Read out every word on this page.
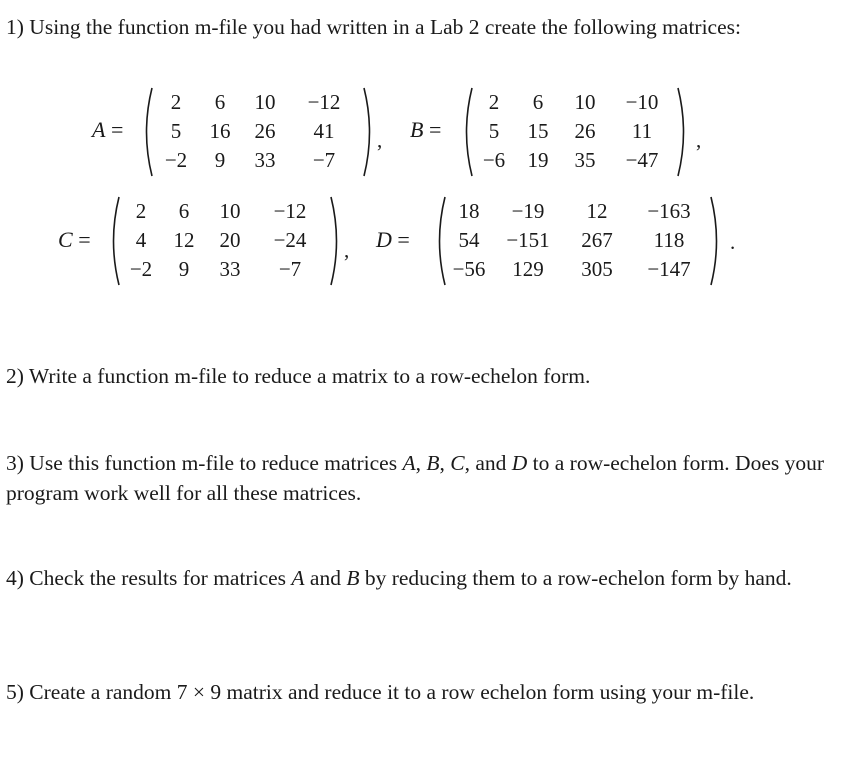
1) Using the function m-file you had written in a Lab 2 create the following matrices:

A =
2	6	10	−12
5	16	26	41
−2	9	33	−7
, B =
2	6	10	−10
5	15	26	11
−6	19	35	−47
,
C =
2	6	10	−12
4	12	20	−24
−2	9	33	−7
, D =
18	−19	12	−163
54	−151	267	118
−56	129	305	−147
.

2) Write a function m-file to reduce a matrix to a row-echelon form.

3) Use this function m-file to reduce matrices A, B, C, and D to a row-echelon form. Does your program work well for all these matrices.

4) Check the results for matrices A and B by reducing them to a row-echelon form by hand.

5) Create a random 7 × 9 matrix and reduce it to a row echelon form using your m-file.
